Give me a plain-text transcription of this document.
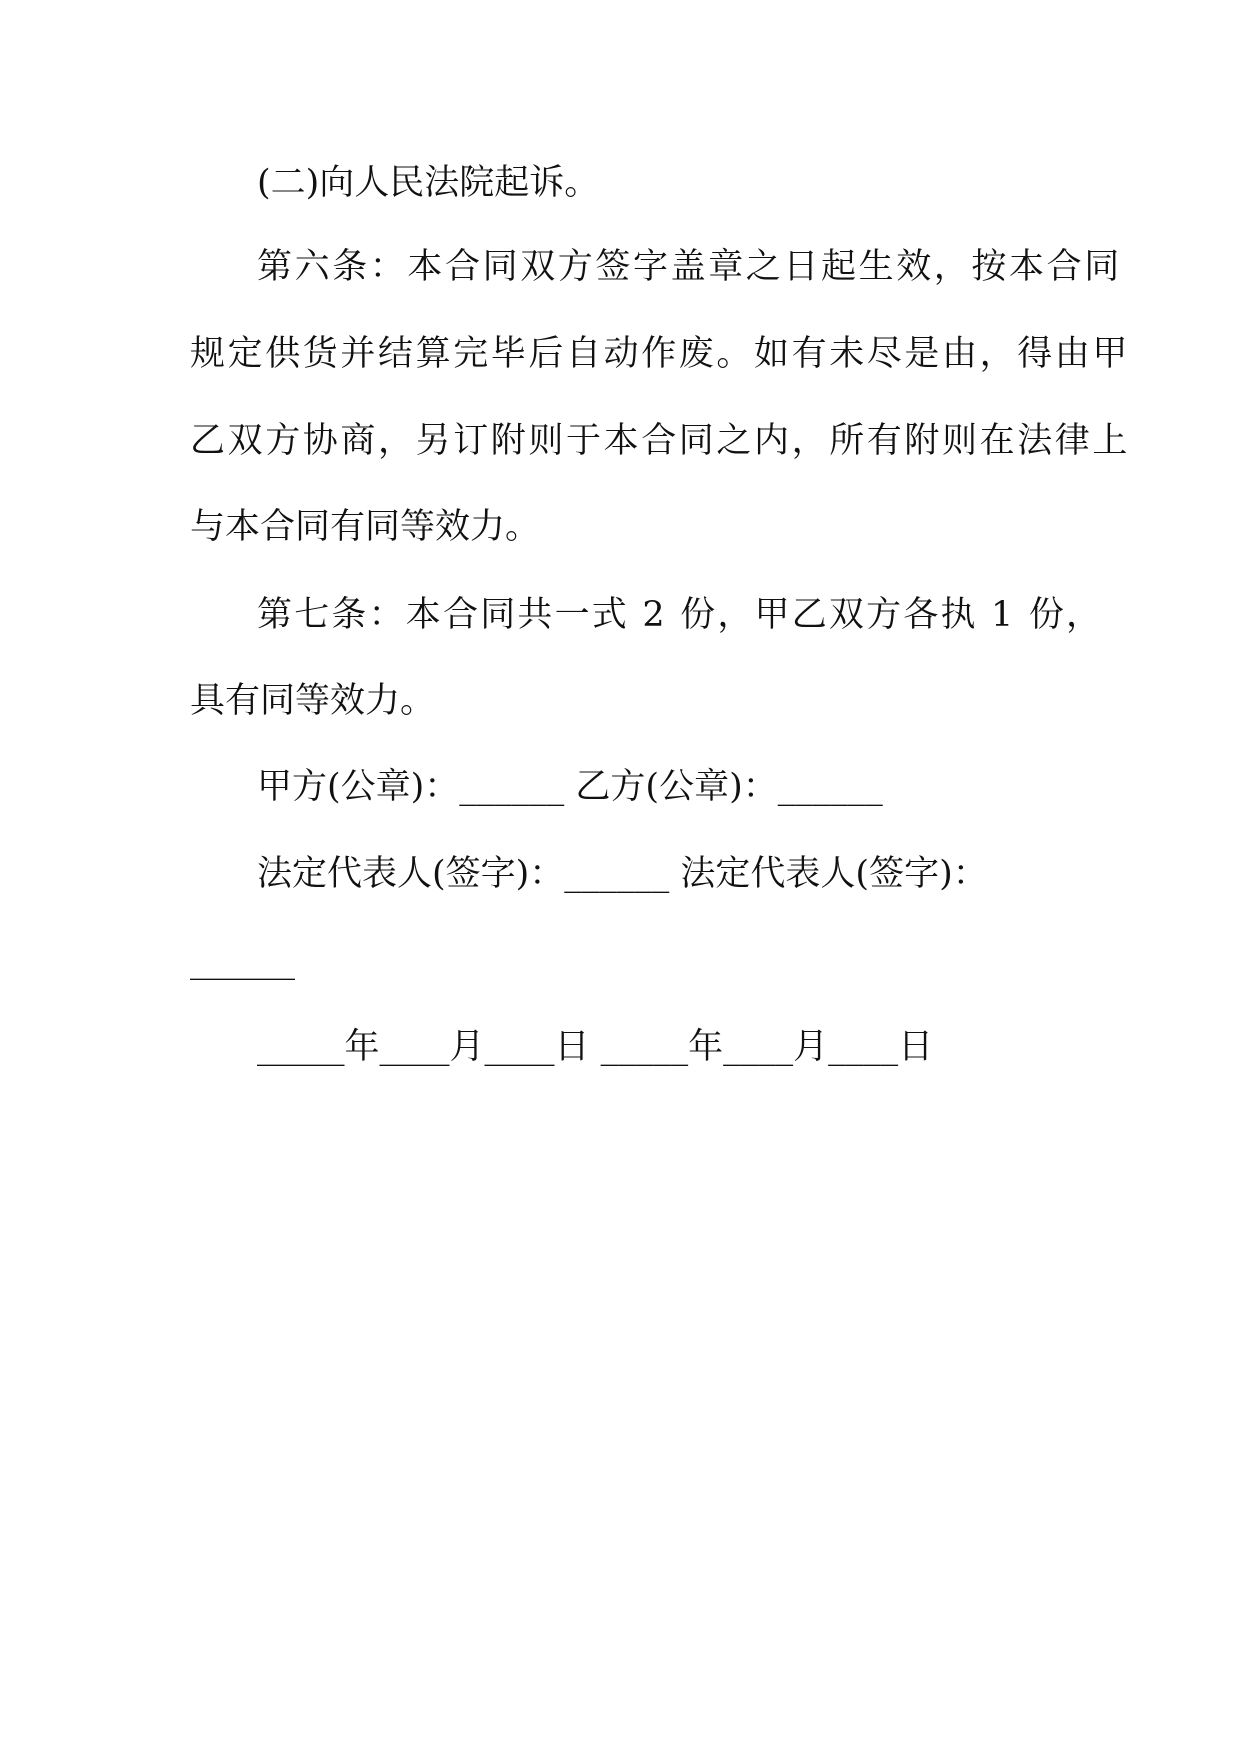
(二)向人民法院起诉。
第六条：本合同双方签字盖章之日起生效，按本合同
规定供货并结算完毕后自动作废。如有未尽是由，得由甲
乙双方协商，另订附则于本合同之内，所有附则在法律上
与本合同有同等效力。
第七条：本合同共一式 2 份，甲乙双方各执 1 份，
具有同等效力。
甲方(公章)：______ 乙方(公章)：______
法定代表人(签字)：______ 法定代表人(签字)：
______
_____年____月____日 _____年____月____日
